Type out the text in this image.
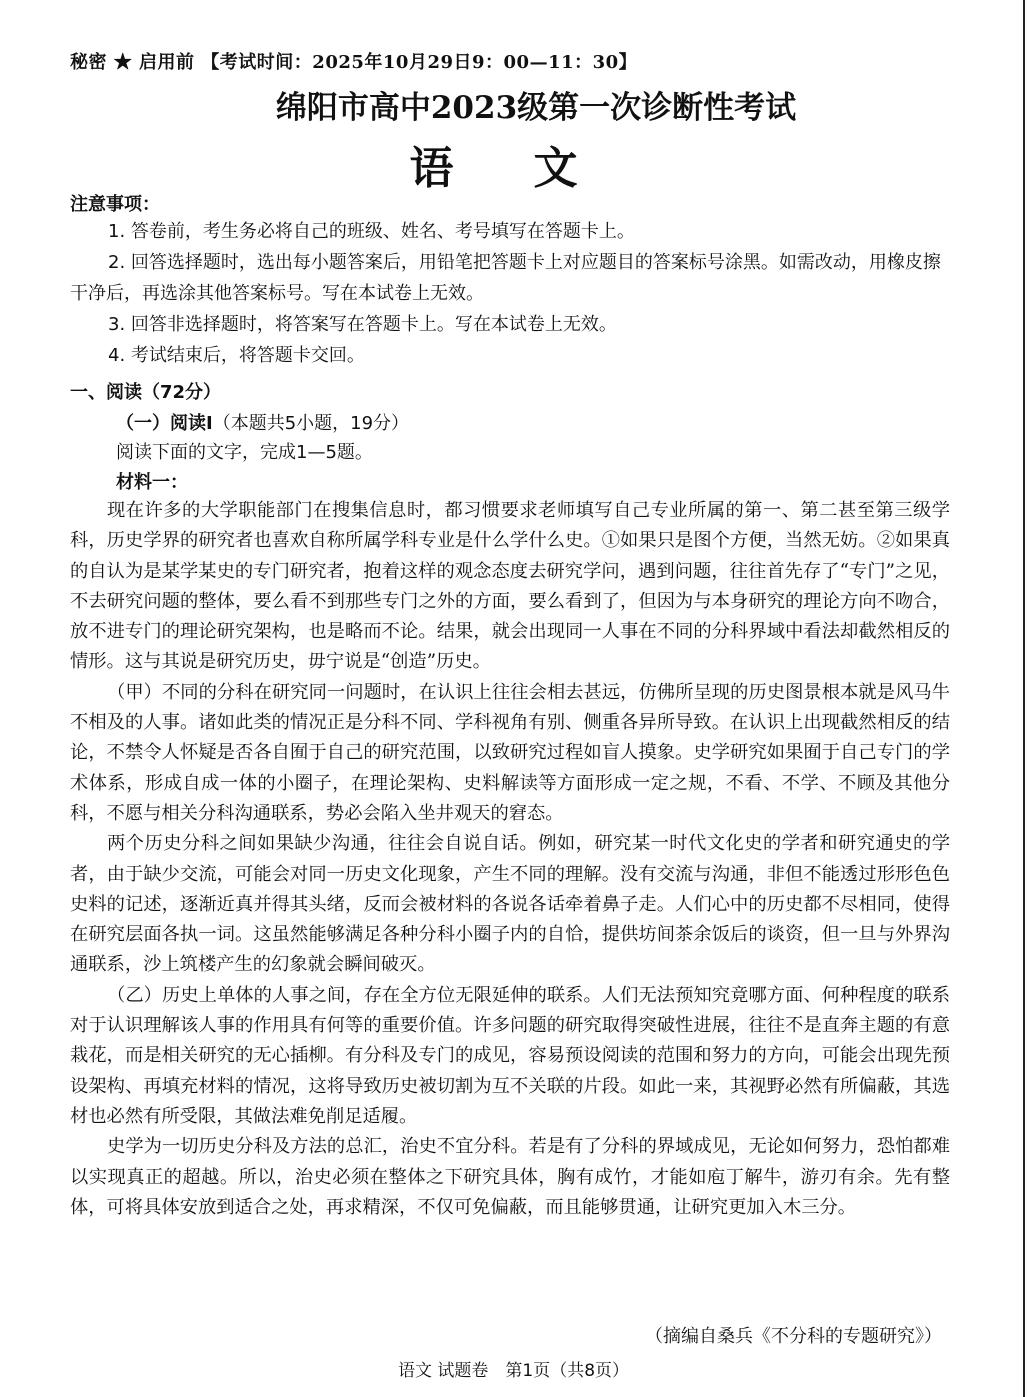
秘密 ★ 启用前 【考试时间：2025年10月29日9：00—11：30】
绵阳市高中2023级第一次诊断性考试
语文
注意事项：

1. 答卷前，考生务必将自己的班级、姓名、考号填写在答题卡上。

2. 回答选择题时，选出每小题答案后，用铅笔把答题卡上对应题目的答案标号涂黑。如需改动，用橡皮擦干净后，再选涂其他答案标号。写在本试卷上无效。

3. 回答非选择题时，将答案写在答题卡上。写在本试卷上无效。

4. 考试结束后，将答题卡交回。

一、阅读（72分）
（一）阅读Ⅰ（本题共5小题，19分）
阅读下面的文字，完成1—5题。
材料一：

现在许多的大学职能部门在搜集信息时，都习惯要求老师填写自己专业所属的第一、第二甚至第三级学科，历史学界的研究者也喜欢自称所属学科专业是什么学什么史。①如果只是图个方便，当然无妨。②如果真的自认为是某学某史的专门研究者，抱着这样的观念态度去研究学问，遇到问题，往往首先存了“专门”之见，不去研究问题的整体，要么看不到那些专门之外的方面，要么看到了，但因为与本身研究的理论方向不吻合，放不进专门的理论研究架构，也是略而不论。结果，就会出现同一人事在不同的分科界域中看法却截然相反的情形。这与其说是研究历史，毋宁说是“创造”历史。

（甲）不同的分科在研究同一问题时，在认识上往往会相去甚远，仿佛所呈现的历史图景根本就是风马牛不相及的人事。诸如此类的情况正是分科不同、学科视角有别、侧重各异所导致。在认识上出现截然相反的结论，不禁令人怀疑是否各自囿于自己的研究范围，以致研究过程如盲人摸象。史学研究如果囿于自己专门的学术体系，形成自成一体的小圈子，在理论架构、史料解读等方面形成一定之规，不看、不学、不顾及其他分科，不愿与相关分科沟通联系，势必会陷入坐井观天的窘态。

两个历史分科之间如果缺少沟通，往往会自说自话。例如，研究某一时代文化史的学者和研究通史的学者，由于缺少交流，可能会对同一历史文化现象，产生不同的理解。没有交流与沟通，非但不能透过形形色色史料的记述，逐渐近真并得其头绪，反而会被材料的各说各话牵着鼻子走。人们心中的历史都不尽相同，使得在研究层面各执一词。这虽然能够满足各种分科小圈子内的自恰，提供坊间茶余饭后的谈资，但一旦与外界沟通联系，沙上筑楼产生的幻象就会瞬间破灭。

（乙）历史上单体的人事之间，存在全方位无限延伸的联系。人们无法预知究竟哪方面、何种程度的联系对于认识理解该人事的作用具有何等的重要价值。许多问题的研究取得突破性进展，往往不是直奔主题的有意栽花，而是相关研究的无心插柳。有分科及专门的成见，容易预设阅读的范围和努力的方向，可能会出现先预设架构、再填充材料的情况，这将导致历史被切割为互不关联的片段。如此一来，其视野必然有所偏蔽，其选材也必然有所受限，其做法难免削足适履。

史学为一切历史分科及方法的总汇，治史不宜分科。若是有了分科的界域成见，无论如何努力，恐怕都难以实现真正的超越。所以，治史必须在整体之下研究具体，胸有成竹，才能如庖丁解牛，游刃有余。先有整体，可将具体安放到适合之处，再求精深，不仅可免偏蔽，而且能够贯通，让研究更加入木三分。

（摘编自桑兵《不分科的专题研究》）
语文 试题卷　第1页（共8页）
